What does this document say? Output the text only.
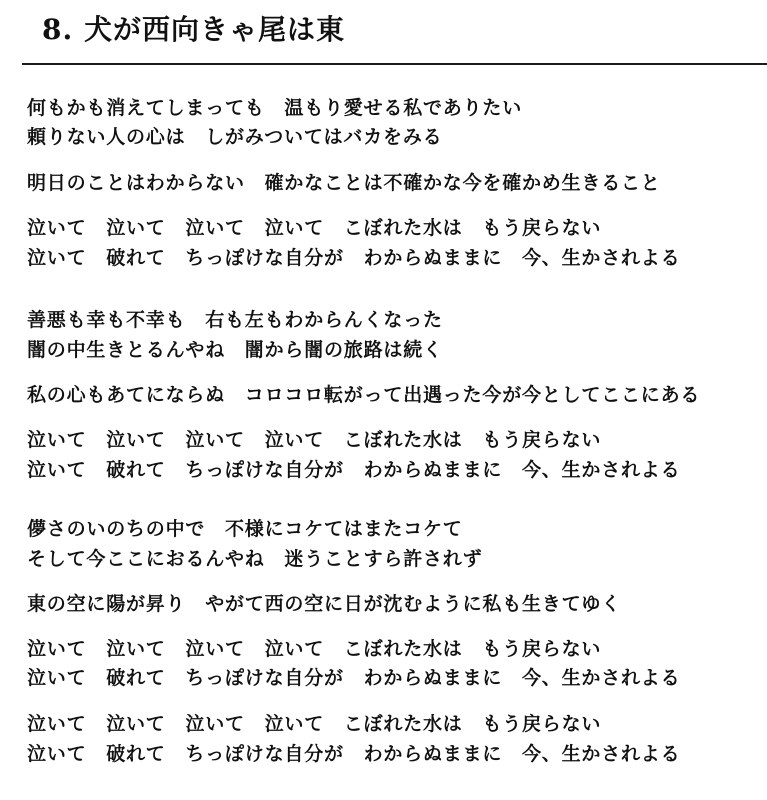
8. 犬が西向きゃ尾は東
何もかも消えてしまっても　温もり愛せる私でありたい
頼りない人の心は　しがみついてはバカをみる
明日のことはわからない　確かなことは不確かな今を確かめ生きること
泣いて　泣いて　泣いて　泣いて　こぼれた水は　もう戻らない
泣いて　破れて　ちっぽけな自分が　わからぬままに　今、生かされよる
善悪も幸も不幸も　右も左もわからんくなった
闇の中生きとるんやね　闇から闇の旅路は続く
私の心もあてにならぬ　コロコロ転がって出遇った今が今としてここにある
泣いて　泣いて　泣いて　泣いて　こぼれた水は　もう戻らない
泣いて　破れて　ちっぽけな自分が　わからぬままに　今、生かされよる
儚さのいのちの中で　不様にコケてはまたコケて
そして今ここにおるんやね　迷うことすら許されず
東の空に陽が昇り　やがて西の空に日が沈むように私も生きてゆく
泣いて　泣いて　泣いて　泣いて　こぼれた水は　もう戻らない
泣いて　破れて　ちっぽけな自分が　わからぬままに　今、生かされよる
泣いて　泣いて　泣いて　泣いて　こぼれた水は　もう戻らない
泣いて　破れて　ちっぽけな自分が　わからぬままに　今、生かされよる
